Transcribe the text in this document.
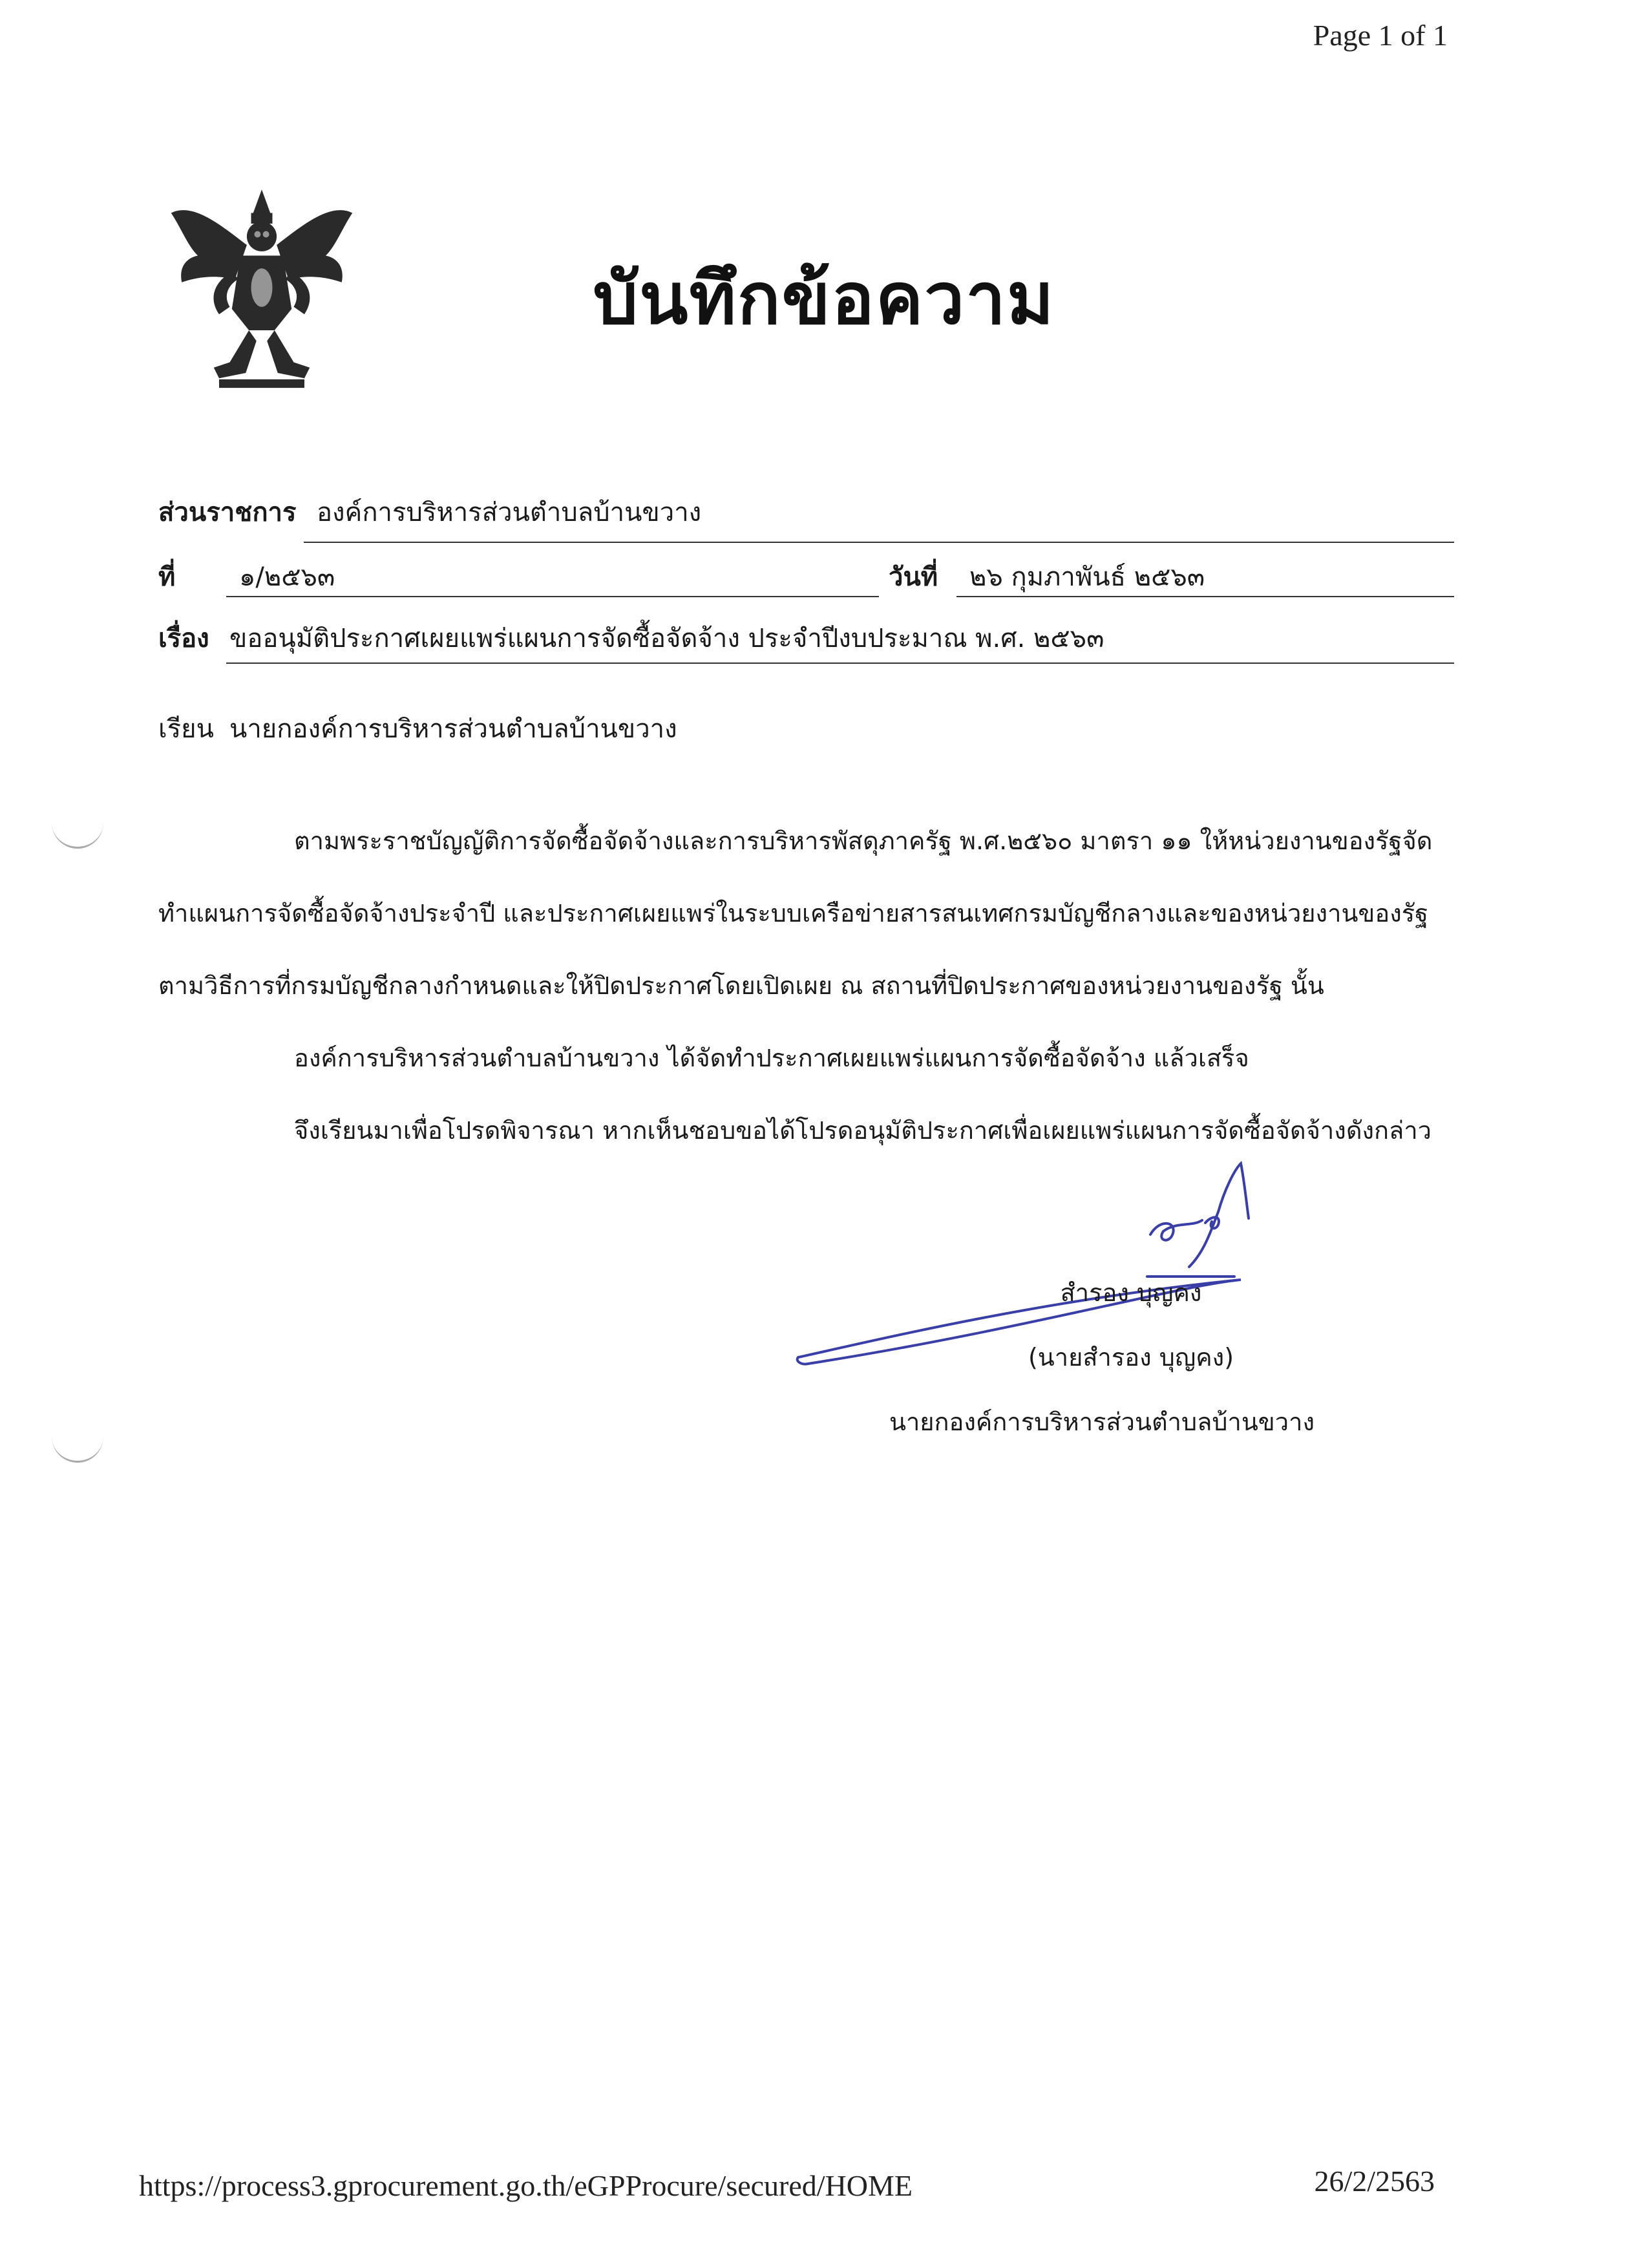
Page 1 of 1
บันทึกข้อความ
ส่วนราชการ องค์การบริหารส่วนตำบลบ้านขวาง
ที่ ๑/๒๕๖๓	วันที่ ๒๖ กุมภาพันธ์ ๒๕๖๓
เรื่อง ขออนุมัติประกาศเผยแพร่แผนการจัดซื้อจัดจ้าง ประจำปีงบประมาณ พ.ศ. ๒๕๖๓
เรียน นายกองค์การบริหารส่วนตำบลบ้านขวาง

ตามพระราชบัญญัติการจัดซื้อจัดจ้างและการบริหารพัสดุภาครัฐ พ.ศ.๒๕๖๐ มาตรา ๑๑ ให้หน่วยงานของรัฐจัดทำแผนการจัดซื้อจัดจ้างประจำปี และประกาศเผยแพร่ในระบบเครือข่ายสารสนเทศกรมบัญชีกลางและของหน่วยงานของรัฐตามวิธีการที่กรมบัญชีกลางกำหนดและให้ปิดประกาศโดยเปิดเผย ณ สถานที่ปิดประกาศของหน่วยงานของรัฐ นั้น

องค์การบริหารส่วนตำบลบ้านขวาง ได้จัดทำประกาศเผยแพร่แผนการจัดซื้อจัดจ้าง แล้วเสร็จ

จึงเรียนมาเพื่อโปรดพิจารณา หากเห็นชอบขอได้โปรดอนุมัติประกาศเพื่อเผยแพร่แผนการจัดซื้อจัดจ้างดังกล่าว

สำรอง บุญคง
(นายสำรอง บุญคง)
นายกองค์การบริหารส่วนตำบลบ้านขวาง
https://process3.gprocurement.go.th/eGPProcure/secured/HOME	26/2/2563
